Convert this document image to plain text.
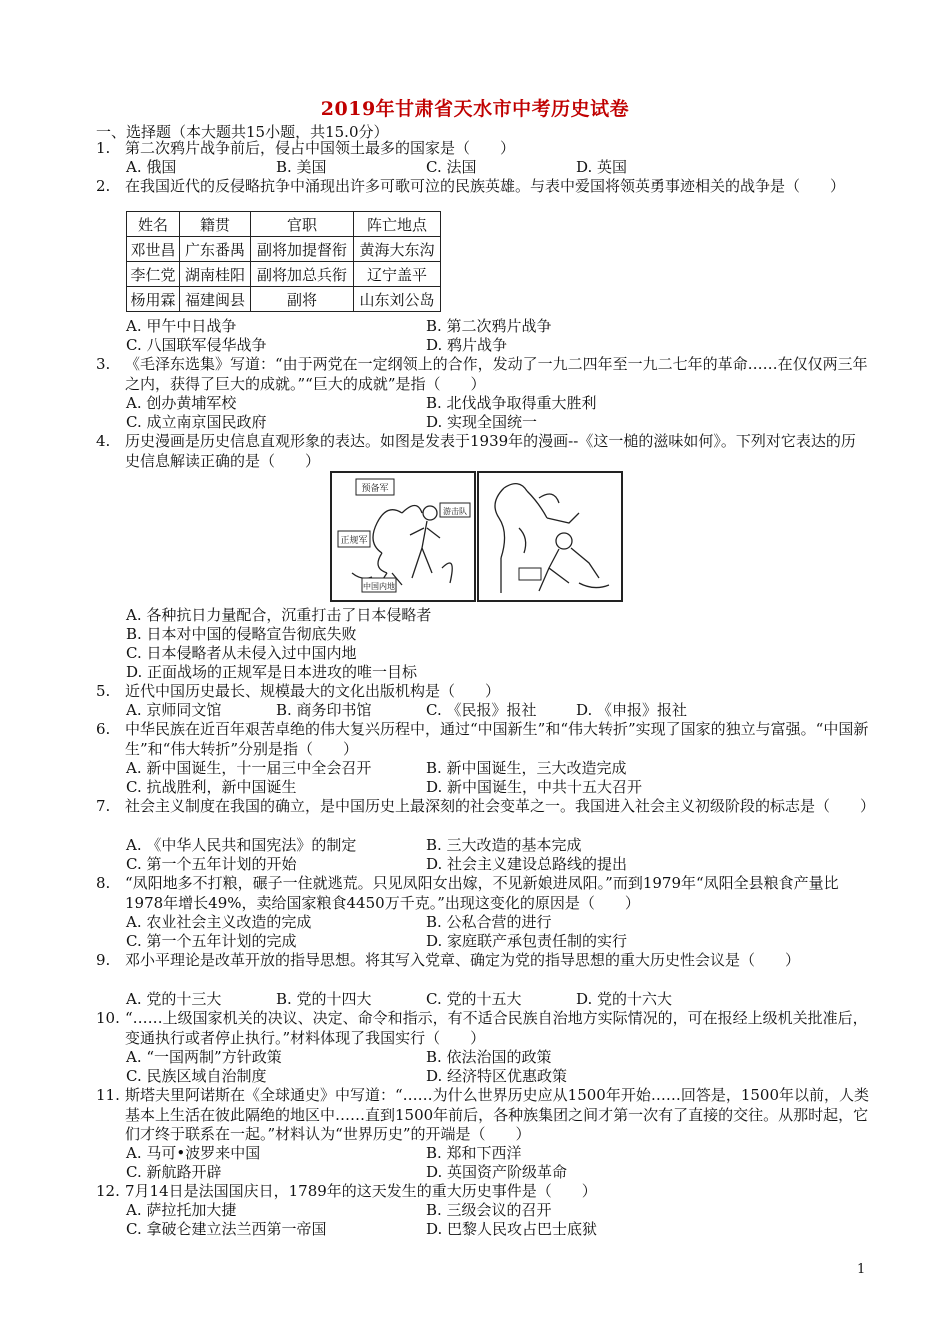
2019年甘肃省天水市中考历史试卷
一、选择题（本大题共15小题，共15.0分）
1. 第二次鸦片战争前后，侵占中国领土最多的国家是（　　）
A. 俄国	B. 美国	C. 法国	D. 英国
2. 在我国近代的反侵略抗争中涌现出许多可歌可泣的民族英雄。与表中爱国将领英勇事迹相关的战争是（　　）
姓名	籍贯	官职	阵亡地点
邓世昌	广东番禺	副将加提督衔	黄海大东沟
李仁党	湖南桂阳	副将加总兵衔	辽宁盖平
杨用霖	福建闽县	副将	山东刘公岛
A. 甲午中日战争	B. 第二次鸦片战争
C. 八国联军侵华战争	D. 鸦片战争
3. 《毛泽东选集》写道：“由于两党在一定纲领上的合作，发动了一九二四年至一九二七年的革命……在仅仅两三年之内，获得了巨大的成就。”“巨大的成就”是指（　　）
A. 创办黄埔军校	B. 北伐战争取得重大胜利
C. 成立南京国民政府	D. 实现全国统一
4. 历史漫画是历史信息直观形象的表达。如图是发表于1939年的漫画--《这一槌的滋味如何》。下列对它表达的历史信息解读正确的是（　　）
预备军
游击队
正规军
中国内地
A. 各种抗日力量配合，沉重打击了日本侵略者
B. 日本对中国的侵略宣告彻底失败
C. 日本侵略者从未侵入过中国内地
D. 正面战场的正规军是日本进攻的唯一目标
5. 近代中国历史最长、规模最大的文化出版机构是（　　）
A. 京师同文馆	B. 商务印书馆	C. 《民报》报社	D. 《申报》报社
6. 中华民族在近百年艰苦卓绝的伟大复兴历程中，通过“中国新生”和“伟大转折”实现了国家的独立与富强。“中国新生”和“伟大转折”分别是指（　　）
A. 新中国诞生，十一届三中全会召开	B. 新中国诞生，三大改造完成
C. 抗战胜利，新中国诞生	D. 新中国诞生，中共十五大召开
7. 社会主义制度在我国的确立，是中国历史上最深刻的社会变革之一。我国进入社会主义初级阶段的标志是（　　）
A. 《中华人民共和国宪法》的制定	B. 三大改造的基本完成
C. 第一个五年计划的开始	D. 社会主义建设总路线的提出
8. “凤阳地多不打粮，碾子一住就逃荒。只见凤阳女出嫁，不见新娘进凤阳。”而到1979年“凤阳全县粮食产量比1978年增长49%，卖给国家粮食4450万千克。”出现这变化的原因是（　　）
A. 农业社会主义改造的完成	B. 公私合营的进行
C. 第一个五年计划的完成	D. 家庭联产承包责任制的实行
9. 邓小平理论是改革开放的指导思想。将其写入党章、确定为党的指导思想的重大历史性会议是（　　）
A. 党的十三大	B. 党的十四大	C. 党的十五大	D. 党的十六大
10. “……上级国家机关的决议、决定、命令和指示，有不适合民族自治地方实际情况的，可在报经上级机关批准后，变通执行或者停止执行。”材料体现了我国实行（　　）
A. “一国两制”方针政策	B. 依法治国的政策
C. 民族区域自治制度	D. 经济特区优惠政策
11. 斯塔夫里阿诺斯在《全球通史》中写道：“……为什么世界历史应从1500年开始……回答是，1500年以前，人类基本上生活在彼此隔绝的地区中……直到1500年前后，各种族集团之间才第一次有了直接的交往。从那时起，它们才终于联系在一起。”材料认为“世界历史”的开端是（　　）
A. 马可•波罗来中国	B. 郑和下西洋
C. 新航路开辟	D. 英国资产阶级革命
12. 7月14日是法国国庆日，1789年的这天发生的重大历史事件是（　　）
A. 萨拉托加大捷	B. 三级会议的召开
C. 拿破仑建立法兰西第一帝国	D. 巴黎人民攻占巴士底狱
1
